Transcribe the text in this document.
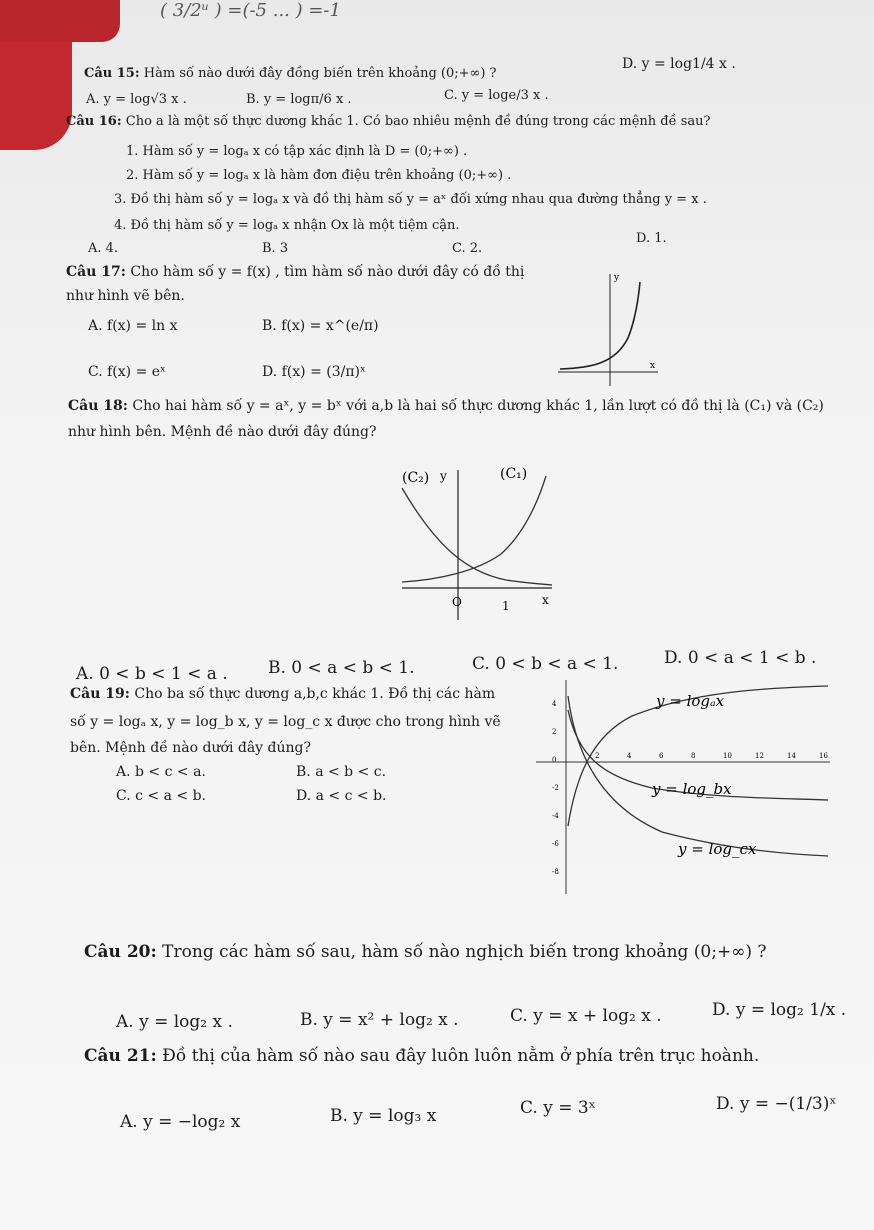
( 3/2ᵘ ) =(-5 ... ) =-1
Câu 15: Hàm số nào dưới đây đồng biến trên khoảng (0;+∞) ?
D. y = log1/4 x .
A. y = log√3 x .	B. y = logπ/6 x .	C. y = loge/3 x .
Câu 16: Cho a là một số thực dương khác 1. Có bao nhiêu mệnh đề đúng trong các mệnh đề sau?
1. Hàm số y = logₐ x có tập xác định là D = (0;+∞) .
2. Hàm số y = logₐ x là hàm đơn điệu trên khoảng (0;+∞) .
3. Đồ thị hàm số y = logₐ x và đồ thị hàm số y = aˣ đối xứng nhau qua đường thẳng y = x .
4. Đồ thị hàm số y = logₐ x nhận Ox là một tiệm cận.
A. 4.	B. 3	C. 2.
D. 1.
Câu 17: Cho hàm số y = f(x) , tìm hàm số nào dưới đây có đồ thị
như hình vẽ bên.
A. f(x) = ln x	B. f(x) = x^(e/π)
C. f(x) = eˣ	D. f(x) = (3/π)ˣ
y
x
Câu 18: Cho hai hàm số y = aˣ, y = bˣ với a,b là hai số thực dương khác 1, lần lượt có đồ thị là (C₁) và (C₂)
như hình bên. Mệnh đề nào dưới đây đúng?
(C₂)	(C₁)
y
O	1	x
A. 0 < b < 1 < a . B. 0 < a < b < 1.	C. 0 < b < a < 1.	D. 0 < a < 1 < b .
Câu 19: Cho ba số thực dương a,b,c khác 1. Đồ thị các hàm
số y = logₐ x, y = log_b x, y = log_c x được cho trong hình vẽ
bên. Mệnh đề nào dưới đây đúng?
A. b < c < a.	B. a < b < c.
C. c < a < b.	D. a < c < b.
2	4	6	8	10	12	14	16
4
2
0
-2
-4
-6
-8
y = logₐx
y = log_bx
y = log_cx
Câu 20: Trong các hàm số sau, hàm số nào nghịch biến trong khoảng (0;+∞) ?
A. y = log₂ x .	B. y = x² + log₂ x .	C. y = x + log₂ x .	D. y = log₂ 1/x .
Câu 21: Đồ thị của hàm số nào sau đây luôn luôn nằm ở phía trên trục hoành.
A. y = −log₂ x	B. y = log₃ x	C. y = 3ˣ	D. y = −(1/3)ˣ
